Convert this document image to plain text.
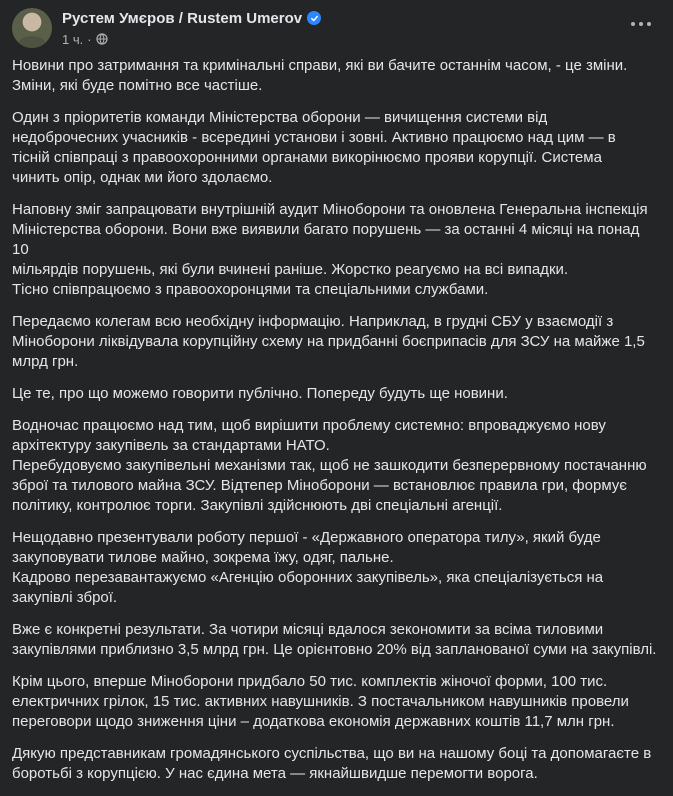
Рустем Умєров / Rustem Umerov
1 ч. ·

Новини про затримання та кримінальні справи, які ви бачите останнім часом, - це зміни.
Зміни, які буде помітно все частіше.

Один з пріоритетів команди Міністерства оборони — вичищення системи від
недоброчесних учасників - всередині установи і зовні. Активно працюємо над цим — в
тісній співпраці з правоохоронними органами викорінюємо прояви корупції. Система
чинить опір, однак ми його здолаємо.

Наповну зміг запрацювати внутрішній аудит Міноборони та оновлена Генеральна інспекція
Міністерства оборони. Вони вже виявили багато порушень — за останні 4 місяці на понад 10
мільярдів порушень, які були вчинені раніше. Жорстко реагуємо на всі випадки.
Тісно співпрацюємо з правоохоронцями та спеціальними службами.

Передаємо колегам всю необхідну інформацію. Наприклад, в грудні СБУ у взаємодії з
Міноборони ліквідувала корупційну схему на придбанні боєприпасів для ЗСУ на майже 1,5
млрд грн.

Це те, про що можемо говорити публічно. Попереду будуть ще новини.

Водночас працюємо над тим, щоб вирішити проблему системно: впроваджуємо нову
архітектуру закупівель за стандартами НАТО.
Перебудовуємо закупівельні механізми так, щоб не зашкодити безперервному постачанню
зброї та тилового майна ЗСУ. Відтепер Міноборони — встановлює правила гри, формує
політику, контролює торги. Закупівлі здійснюють дві спеціальні агенції.

Нещодавно презентували роботу першої - «Державного оператора тилу», який буде
закуповувати тилове майно, зокрема їжу, одяг, пальне.
Кадрово перезавантажуємо «Агенцію оборонних закупівель», яка спеціалізується на
закупівлі зброї.

Вже є конкретні результати. За чотири місяці вдалося зекономити за всіма тиловими
закупівлями приблизно 3,5 млрд грн. Це орієнтовно 20% від запланованої суми на закупівлі.

Крім цього, вперше Міноборони придбало 50 тис. комплектів жіночої форми, 100 тис.
електричних грілок, 15 тис. активних навушників. З постачальником навушників провели
переговори щодо зниження ціни – додаткова економія державних коштів 11,7 млн грн.

Дякую представникам громадянського суспільства, що ви на нашому боці та допомагаєте в
боротьбі з корупцією. У нас єдина мета — якнайшвидше перемогти ворога.
